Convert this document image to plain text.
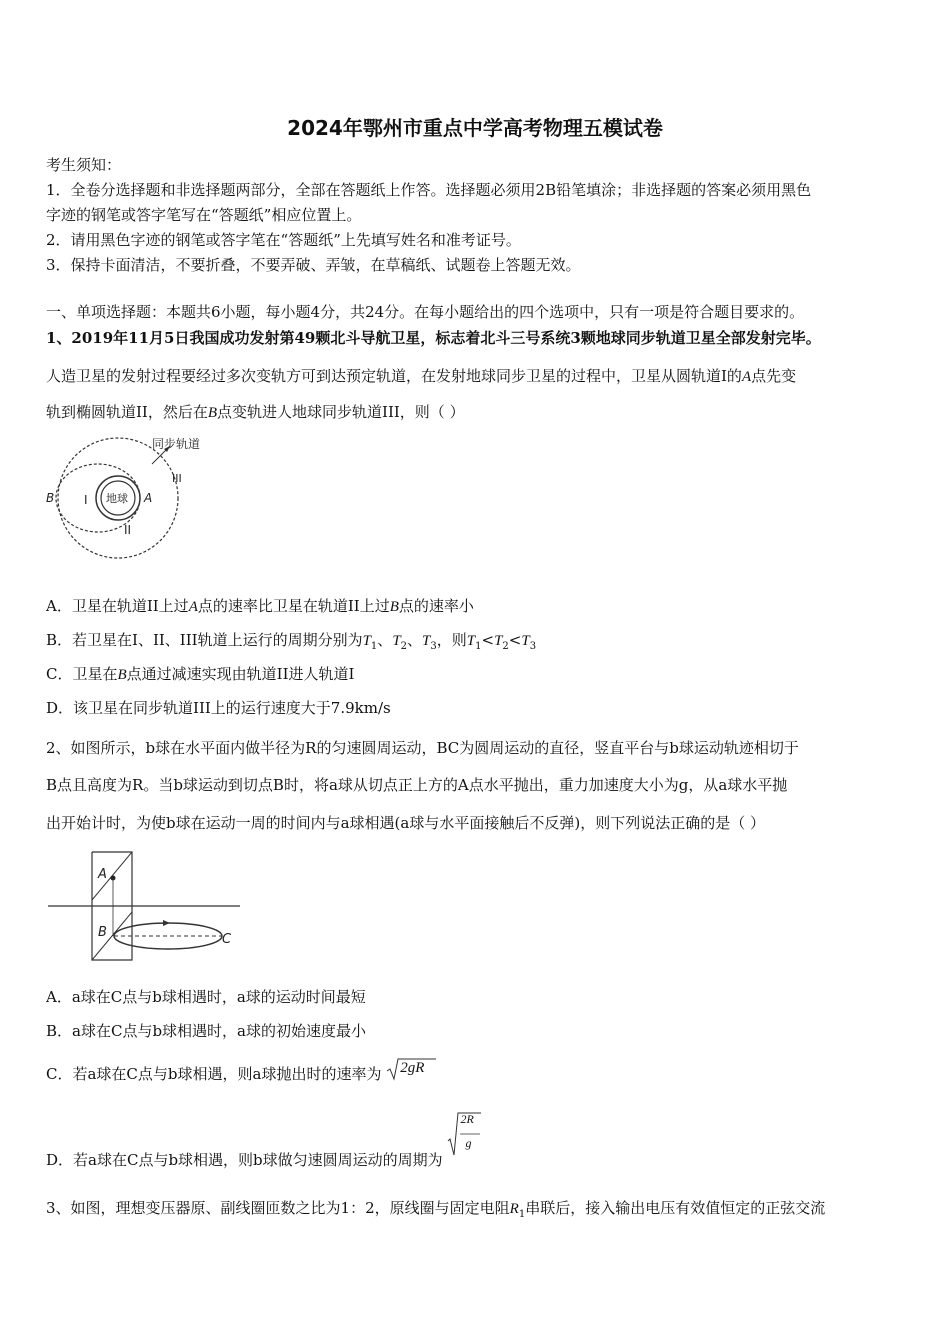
2024年鄂州市重点中学高考物理五模试卷
考生须知：
1．全卷分选择题和非选择题两部分，全部在答题纸上作答。选择题必须用2B铅笔填涂；非选择题的答案必须用黑色
字迹的钢笔或答字笔写在“答题纸”相应位置上。
2．请用黑色字迹的钢笔或答字笔在“答题纸”上先填写姓名和准考证号。
3．保持卡面清洁，不要折叠，不要弄破、弄皱，在草稿纸、试题卷上答题无效。
一、单项选择题：本题共6小题，每小题4分，共24分。在每小题给出的四个选项中，只有一项是符合题目要求的。
1、2019年11月5日我国成功发射第49颗北斗导航卫星，标志着北斗三号系统3颗地球同步轨道卫星全部发射完毕。
人造卫星的发射过程要经过多次变轨方可到达预定轨道，在发射地球同步卫星的过程中，卫星从圆轨道I的A点先变
轨到椭圆轨道II，然后在B点变轨进人地球同步轨道III，则（ ）
同步轨道
地球
I
II
III
A
B
A．卫星在轨道II上过A点的速率比卫星在轨道II上过B点的速率小
B．若卫星在I、II、III轨道上运行的周期分别为$T_1$、$T_2$、$T_3$，则$T_1<T_2<T_3$
C．卫星在B点通过减速实现由轨道II进人轨道I
D．该卫星在同步轨道III上的运行速度大于7.9km/s
2、如图所示，b球在水平面内做半径为R的匀速圆周运动，BC为圆周运动的直径，竖直平台与b球运动轨迹相切于
B点且高度为R。当b球运动到切点B时，将a球从切点正上方的A点水平抛出，重力加速度大小为g，从a球水平抛
出开始计时，为使b球在运动一周的时间内与a球相遇(a球与水平面接触后不反弹)，则下列说法正确的是（ ）
A
B	C
A．a球在C点与b球相遇时，a球的运动时间最短
B．a球在C点与b球相遇时，a球的初始速度最小
C．若a球在C点与b球相遇，则a球抛出时的速率为 2gR
D．若a球在C点与b球相遇，则b球做匀速圆周运动的周期为
2R
g
3、如图，理想变压器原、副线圈匝数之比为1：2，原线圈与固定电阻$R_1$串联后，接入输出电压有效值恒定的正弦交流
